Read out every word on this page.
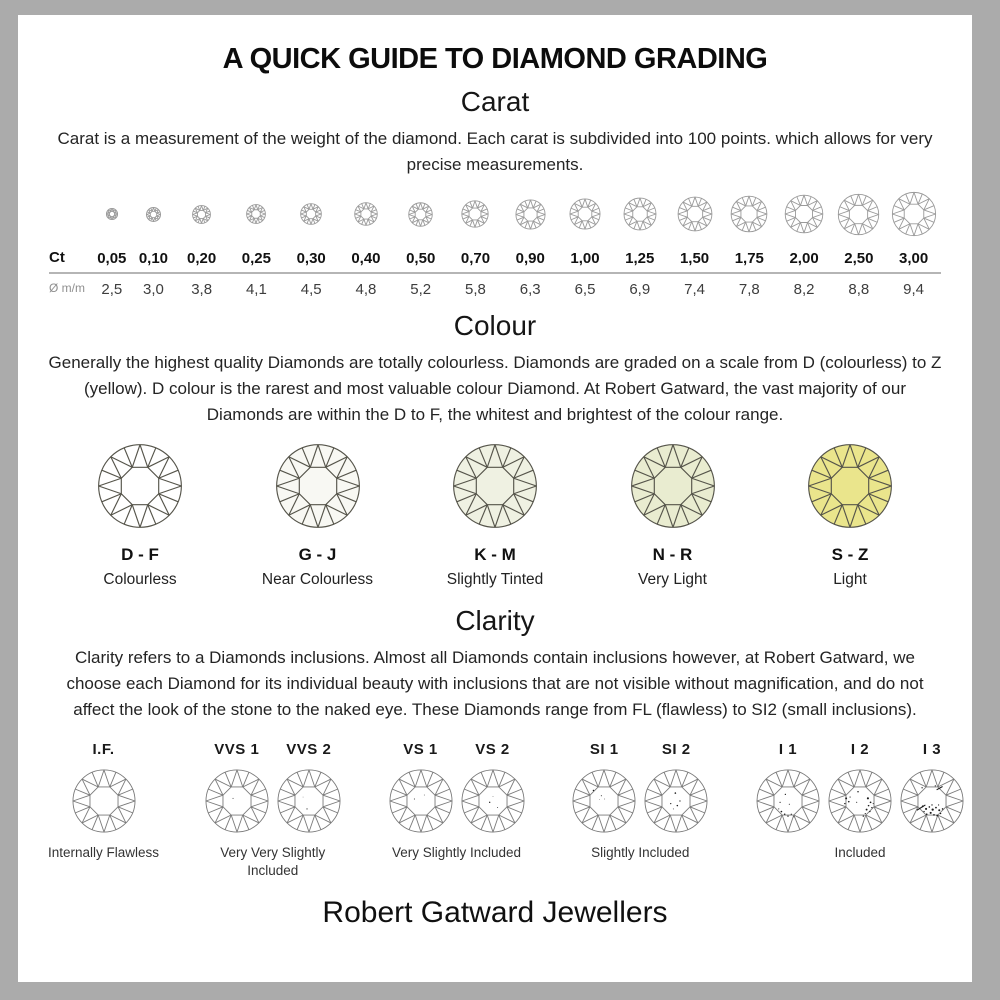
A QUICK GUIDE TO DIAMOND GRADING
Carat

Carat is a measurement of the weight of the diamond. Each carat is subdivided into 100 points. which allows for very precise measurements.

Ct	0,05 0,10	0,20	0,25	0,30	0,40	0,50	0,70	0,90	1,00	1,25	1,50	1,75	2,00	2,50	3,00
Ø m/m	2,5	3,0	3,8	4,1	4,5	4,8	5,2	5,8	6,3	6,5	6,9	7,4	7,8	8,2	8,8	9,4
Colour

Generally the highest quality Diamonds are totally colourless. Diamonds are graded on a scale from D (colourless) to Z (yellow). D colour is the rarest and most valuable colour Diamond. At Robert Gatward, the vast majority of our Diamonds are within the D to F, the whitest and brightest of the colour range.

D - F
Colourless
G - J
Near Colourless
K - M
Slightly Tinted
N - R
Very Light
S - Z
Light
Clarity

Clarity refers to a Diamonds inclusions. Almost all Diamonds contain inclusions however, at Robert Gatward, we choose each Diamond for its individual beauty with inclusions that are not visible without magnification, and do not affect the look of the stone to the naked eye. These Diamonds range from FL (flawless) to SI2 (small inclusions).

I.F.
Internally Flawless
VVS 1 VVS 2
Very Very Slightly Included
VS 1 VS 2
Very Slightly Included
SI 1	SI 2
Slightly Included
I 1	I 2	I 3
Included
Robert Gatward Jewellers
